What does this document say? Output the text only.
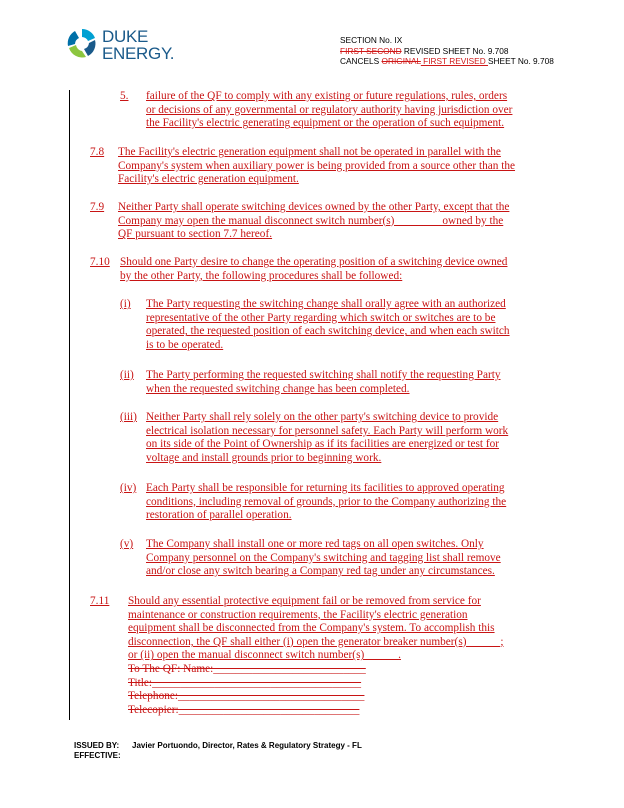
DUKE
ENERGY.
SECTION No. IX
FIRST SECOND REVISED SHEET No. 9.708
CANCELS ORIGINAL FIRST REVISED SHEET No. 9.708
5. failure of the QF to comply with any existing or future regulations, rules, orders
or decisions of any governmental or regulatory authority having jurisdiction over
the Facility's electric generating equipment or the operation of such equipment.
7.8 The Facility's electric generation equipment shall not be operated in parallel with the
Company's system when auxiliary power is being provided from a source other than the
Facility's electric generation equipment.
7.9 Neither Party shall operate switching devices owned by the other Party, except that the
Company may open the manual disconnect switch number(s)________ owned by the
QF pursuant to section 7.7 hereof.
7.10 Should one Party desire to change the operating position of a switching device owned
by the other Party, the following procedures shall be followed:
(i) The Party requesting the switching change shall orally agree with an authorized
representative of the other Party regarding which switch or switches are to be
operated, the requested position of each switching device, and when each switch
is to be operated.
(ii) The Party performing the requested switching shall notify the requesting Party
when the requested switching change has been completed.
(iii) Neither Party shall rely solely on the other party's switching device to provide
electrical isolation necessary for personnel safety. Each Party will perform work
on its side of the Point of Ownership as if its facilities are energized or test for
voltage and install grounds prior to beginning work.
(iv) Each Party shall be responsible for returning its facilities to approved operating
conditions, including removal of grounds, prior to the Company authorizing the
restoration of parallel operation.
(v) The Company shall install one or more red tags on all open switches. Only
Company personnel on the Company's switching and tagging list shall remove
and/or close any switch bearing a Company red tag under any circumstances.
7.11 Should any essential protective equipment fail or be removed from service for
maintenance or construction requirements, the Facility's electric generation
equipment shall be disconnected from the Company's system. To accomplish this
disconnection, the QF shall either (i) open the generator breaker number(s)______;
or (ii) open the manual disconnect switch number(s)______.
To The QF: Name:___________________________
Title:_____________________________________
Telephone:_________________________________
Telecopier:________________________________
ISSUED BY:
EFFECTIVE:
Javier Portuondo, Director, Rates & Regulatory Strategy - FL
